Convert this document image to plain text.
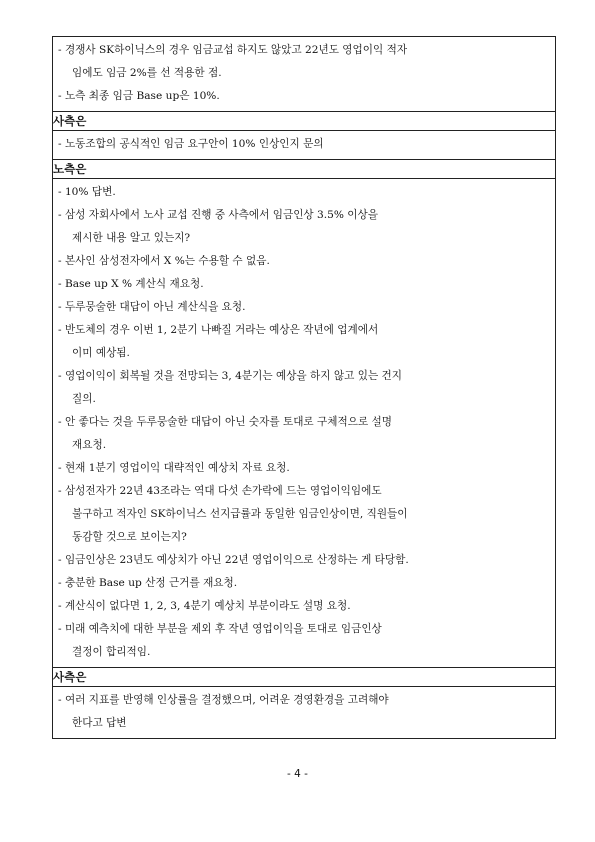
- 경쟁사 SK하이닉스의 경우 임금교섭 하지도 않았고 22년도 영업이익 적자
임에도 임금 2%를 선 적용한 점.
- 노측 최종 임금 Base up은 10%.

사측은

- 노동조합의 공식적인 임금 요구안이 10% 인상인지 문의

노측은

- 10% 답변.
- 삼성 자회사에서 노사 교섭 진행 중 사측에서 임금인상 3.5% 이상을
제시한 내용 알고 있는지?
- 본사인 삼성전자에서 X %는 수용할 수 없음.
- Base up X % 계산식 재요청.
- 두루뭉술한 대답이 아닌 계산식을 요청.
- 반도체의 경우 이번 1, 2분기 나빠질 거라는 예상은 작년에 업계에서
이미 예상됨.
- 영업이익이 회복될 것을 전망되는 3, 4분기는 예상을 하지 않고 있는 건지
질의.
- 안 좋다는 것을 두루뭉술한 대답이 아닌 숫자를 토대로 구체적으로 설명
재요청.
- 현재 1분기 영업이익 대략적인 예상치 자료 요청.
- 삼성전자가 22년 43조라는 역대 다섯 손가락에 드는 영업이익임에도
불구하고 적자인 SK하이닉스 선지급률과 동일한 임금인상이면, 직원들이
동감할 것으로 보이는지?
- 임금인상은 23년도 예상치가 아닌 22년 영업이익으로 산정하는 게 타당함.
- 충분한 Base up 산정 근거를 재요청.
- 계산식이 없다면 1, 2, 3, 4분기 예상치 부분이라도 설명 요청.
- 미래 예측치에 대한 부분을 제외 후 작년 영업이익을 토대로 임금인상
결정이 합리적임.

사측은

- 여러 지표를 반영해 인상률을 결정했으며, 어려운 경영환경을 고려해야
한다고 답변
- 4 -
